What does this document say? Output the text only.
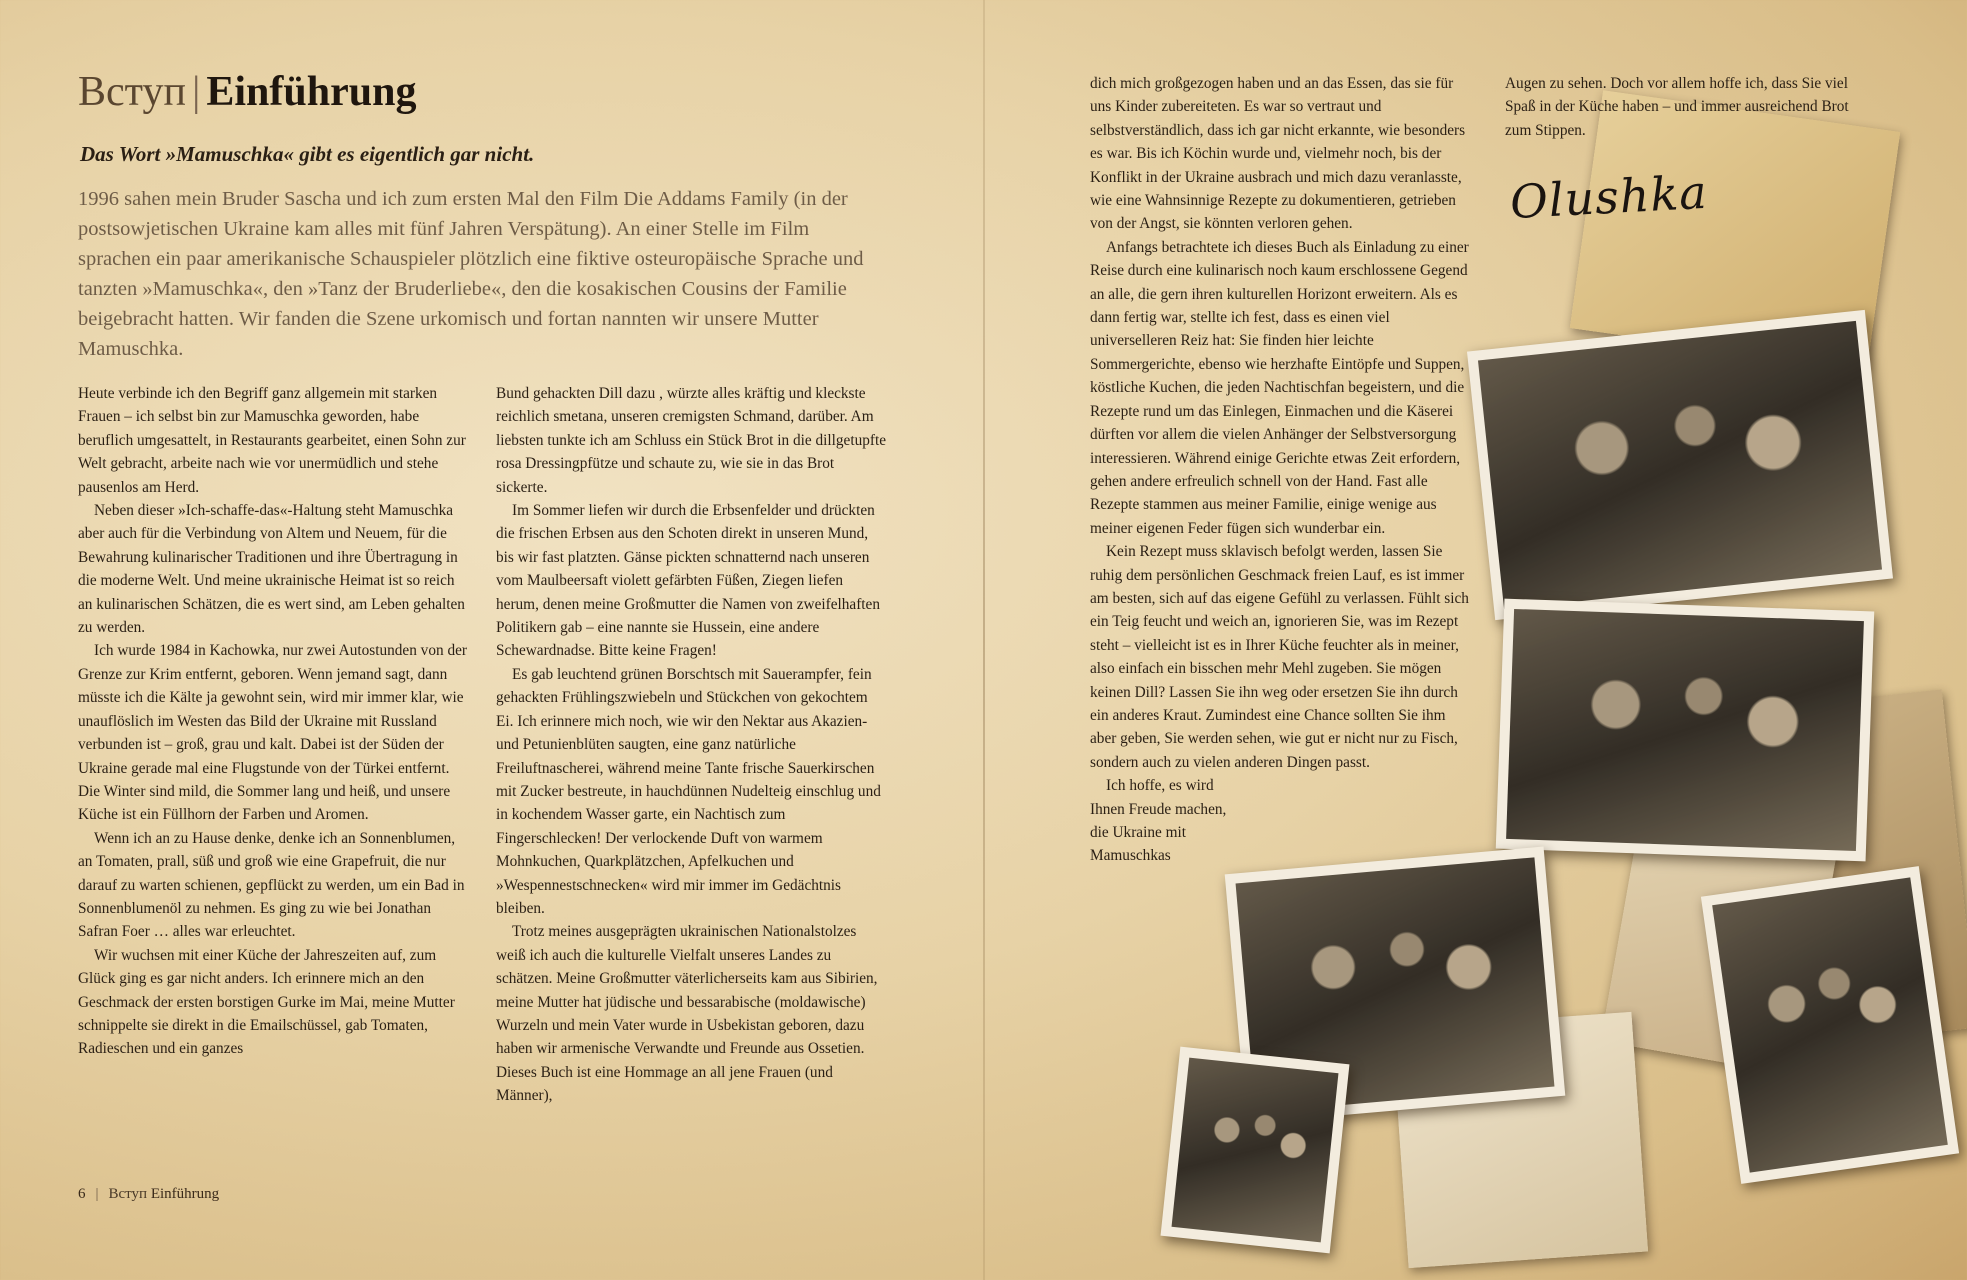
Вступ | Einführung

Das Wort »Mamuschka« gibt es eigentlich gar nicht.

1996 sahen mein Bruder Sascha und ich zum ersten Mal den Film Die Addams Family (in der postsowjetischen Ukraine kam alles mit fünf Jahren Verspätung). An einer Stelle im Film sprachen ein paar amerikanische Schauspieler plötzlich eine fiktive osteuropäische Sprache und tanzten »Mamuschka«, den »Tanz der Bruderliebe«, den die kosakischen Cousins der Familie beigebracht hatten. Wir fanden die Szene urkomisch und fortan nannten wir unsere Mutter Mamuschka.

Heute verbinde ich den Begriff ganz allgemein mit starken Frauen – ich selbst bin zur Mamuschka geworden, habe beruflich umgesattelt, in Restaurants gearbeitet, einen Sohn zur Welt gebracht, arbeite nach wie vor unermüdlich und stehe pausenlos am Herd.

Neben dieser »Ich-schaffe-das«-Haltung steht Mamuschka aber auch für die Verbindung von Altem und Neuem, für die Bewahrung kulinarischer Traditionen und ihre Übertragung in die moderne Welt. Und meine ukrainische Heimat ist so reich an kulinarischen Schätzen, die es wert sind, am Leben gehalten zu werden.

Ich wurde 1984 in Kachowka, nur zwei Autostunden von der Grenze zur Krim entfernt, geboren. Wenn jemand sagt, dann müsste ich die Kälte ja gewohnt sein, wird mir immer klar, wie unauflöslich im Westen das Bild der Ukraine mit Russland verbunden ist – groß, grau und kalt. Dabei ist der Süden der Ukraine gerade mal eine Flugstunde von der Türkei entfernt. Die Winter sind mild, die Sommer lang und heiß, und unsere Küche ist ein Füllhorn der Farben und Aromen.

Wenn ich an zu Hause denke, denke ich an Sonnenblumen, an Tomaten, prall, süß und groß wie eine Grapefruit, die nur darauf zu warten schienen, gepflückt zu werden, um ein Bad in Sonnenblumenöl zu nehmen. Es ging zu wie bei Jonathan Safran Foer … alles war erleuchtet.

Wir wuchsen mit einer Küche der Jahreszeiten auf, zum Glück ging es gar nicht anders. Ich erinnere mich an den Geschmack der ersten borstigen Gurke im Mai, meine Mutter schnippelte sie direkt in die Emailschüssel, gab Tomaten, Radieschen und ein ganzes

Bund gehackten Dill dazu , würzte alles kräftig und kleckste reichlich smetana, unseren cremigsten Schmand, darüber. Am liebsten tunkte ich am Schluss ein Stück Brot in die dillgetupfte rosa Dressingpfütze und schaute zu, wie sie in das Brot sickerte.

Im Sommer liefen wir durch die Erbsenfelder und drückten die frischen Erbsen aus den Schoten direkt in unseren Mund, bis wir fast platzten. Gänse pickten schnatternd nach unseren vom Maulbeersaft violett gefärbten Füßen, Ziegen liefen herum, denen meine Großmutter die Namen von zweifelhaften Politikern gab – eine nannte sie Hussein, eine andere Schewardnadse. Bitte keine Fragen!

Es gab leuchtend grünen Borschtsch mit Sauerampfer, fein gehackten Frühlingszwiebeln und Stückchen von gekochtem Ei. Ich erinnere mich noch, wie wir den Nektar aus Akazien- und Petunienblüten saugten, eine ganz natürliche Freiluftnascherei, während meine Tante frische Sauerkirschen mit Zucker bestreute, in hauchdünnen Nudelteig einschlug und in kochendem Wasser garte, ein Nachtisch zum Fingerschlecken! Der verlockende Duft von warmem Mohnkuchen, Quarkplätzchen, Apfelkuchen und »Wespennestschnecken« wird mir immer im Gedächtnis bleiben.

Trotz meines ausgeprägten ukrainischen Nationalstolzes weiß ich auch die kulturelle Vielfalt unseres Landes zu schätzen. Meine Großmutter väterlicherseits kam aus Sibirien, meine Mutter hat jüdische und bessarabische (moldawische) Wurzeln und mein Vater wurde in Usbekistan geboren, dazu haben wir armenische Verwandte und Freunde aus Ossetien. Dieses Buch ist eine Hommage an all jene Frauen (und Männer),

dich mich großgezogen haben und an das Essen, das sie für uns Kinder zubereiteten. Es war so vertraut und selbstverständlich, dass ich gar nicht erkannte, wie besonders es war. Bis ich Köchin wurde und, vielmehr noch, bis der Konflikt in der Ukraine ausbrach und mich dazu veranlasste, wie eine Wahnsinnige Rezepte zu dokumentieren, getrieben von der Angst, sie könnten verloren gehen.

Anfangs betrachtete ich dieses Buch als Einladung zu einer Reise durch eine kulinarisch noch kaum erschlossene Gegend an alle, die gern ihren kulturellen Horizont erweitern. Als es dann fertig war, stellte ich fest, dass es einen viel universelleren Reiz hat: Sie finden hier leichte Sommergerichte, ebenso wie herzhafte Eintöpfe und Suppen, köstliche Kuchen, die jeden Nachtischfan begeistern, und die Rezepte rund um das Einlegen, Einmachen und die Käserei dürften vor allem die vielen Anhänger der Selbstversorgung interessieren. Während einige Gerichte etwas Zeit erfordern, gehen andere erfreulich schnell von der Hand. Fast alle Rezepte stammen aus meiner Familie, einige wenige aus meiner eigenen Feder fügen sich wunderbar ein.

Kein Rezept muss sklavisch befolgt werden, lassen Sie ruhig dem persönlichen Geschmack freien Lauf, es ist immer am besten, sich auf das eigene Gefühl zu verlassen. Fühlt sich ein Teig feucht und weich an, ignorieren Sie, was im Rezept steht – vielleicht ist es in Ihrer Küche feuchter als in meiner, also einfach ein bisschen mehr Mehl zugeben. Sie mögen keinen Dill? Lassen Sie ihn weg oder ersetzen Sie ihn durch ein anderes Kraut. Zumindest eine Chance sollten Sie ihm aber geben, Sie werden sehen, wie gut er nicht nur zu Fisch, sondern auch zu vielen anderen Dingen passt.

Ich hoffe, es wird Ihnen Freude machen, die Ukraine mit Mamuschkas

Augen zu sehen. Doch vor allem hoffe ich, dass Sie viel Spaß in der Küche haben – und immer ausreichend Brot zum Stippen.

Olushka
6 | Вступ Einführung
